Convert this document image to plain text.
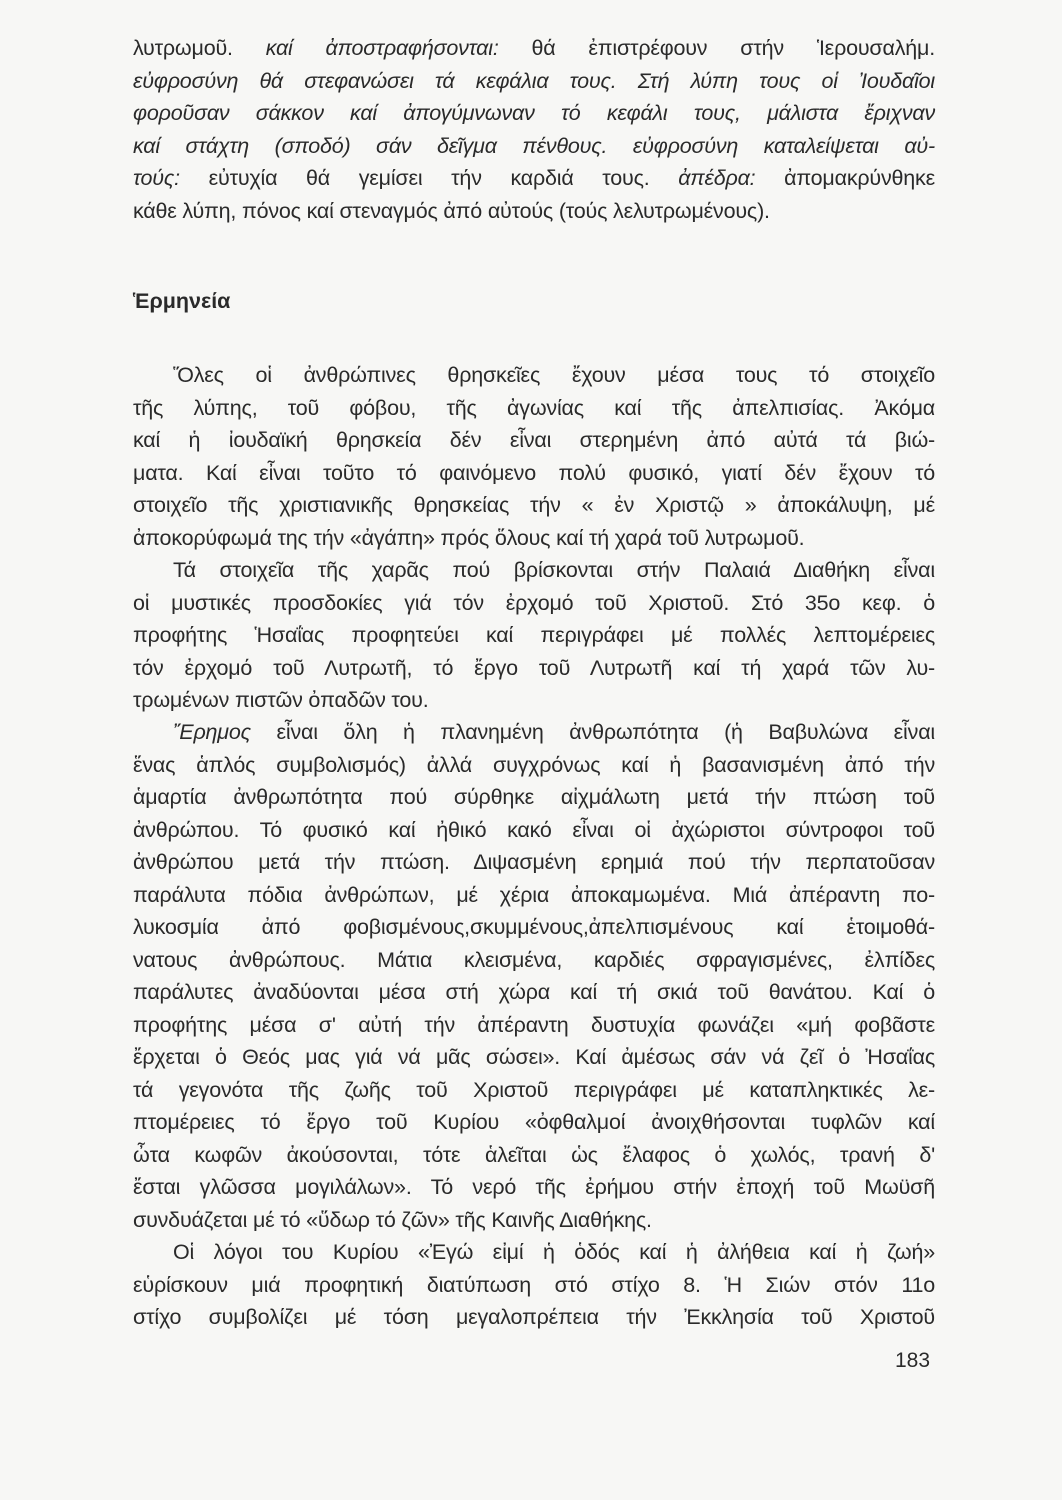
Ἑρμηνεία
183
λυτρωμοῦ. καί ἀποστραφήσονται: θά ἐπιστρέφουν στήν Ἱερουσαλήμ.
εὐφροσύνη θά στεφανώσει τά κεφάλια τους. Στή λύπη τους οἱ Ἰουδαῖοι
φοροῦσαν σάκκον καί ἀπογύμνωναν τό κεφάλι τους, μάλιστα ἔριχναν
καί στάχτη (σποδό) σάν δεῖγμα πένθους. εὐφροσύνη καταλείψεται αὐ-
τούς: εὐτυχία θά γεμίσει τήν καρδιά τους. ἀπέδρα: ἀπομακρύνθηκε
κάθε λύπη, πόνος καί στεναγμός ἀπό αὐτούς (τούς λελυτρωμένους).
Ὅλες οἱ ἀνθρώπινες θρησκεῖες ἔχουν μέσα τους τό στοιχεῖο
τῆς λύπης, τοῦ φόβου, τῆς ἀγωνίας καί τῆς ἀπελπισίας. Ἀκόμα
καί ἡ ἰουδαϊκή θρησκεία δέν εἶναι στερημένη ἀπό αὐτά τά βιώ-
ματα. Καί εἶναι τοῦτο τό φαινόμενο πολύ φυσικό, γιατί δέν ἔχουν τό
στοιχεῖο τῆς χριστιανικῆς θρησκείας τήν « ἐν Χριστῷ » ἀποκάλυψη, μέ
ἀποκορύφωμά της τήν «ἀγάπη» πρός ὅλους καί τή χαρά τοῦ λυτρωμοῦ.
Τά στοιχεῖα τῆς χαρᾶς πού βρίσκονται στήν Παλαιά Διαθήκη εἶναι
οἱ μυστικές προσδοκίες γιά τόν ἐρχομό τοῦ Χριστοῦ. Στό 35ο κεφ. ὁ
προφήτης Ἡσαΐας προφητεύει καί περιγράφει μέ πολλές λεπτομέρειες
τόν ἐρχομό τοῦ Λυτρωτῆ, τό ἔργο τοῦ Λυτρωτῆ καί τή χαρά τῶν λυ-
τρωμένων πιστῶν ὀπαδῶν του.
Ἔρημος εἶναι ὅλη ἡ πλανημένη ἀνθρωπότητα (ἡ Βαβυλώνα εἶναι
ἕνας ἁπλός συμβολισμός) ἀλλά συγχρόνως καί ἡ βασανισμένη ἀπό τήν
ἁμαρτία ἀνθρωπότητα πού σύρθηκε αἰχμάλωτη μετά τήν πτώση τοῦ
ἀνθρώπου. Τό φυσικό καί ἠθικό κακό εἶναι οἱ ἀχώριστοι σύντροφοι τοῦ
ἀνθρώπου μετά τήν πτώση. Διψασμένη ερημιά πού τήν περπατοῦσαν
παράλυτα πόδια ἀνθρώπων, μέ χέρια ἀποκαμωμένα. Μιά ἀπέραντη πο-
λυκοσμία ἀπό φοβισμένους,σκυμμένους,ἀπελπισμένους καί ἑτοιμοθά-
νατους ἀνθρώπους. Μάτια κλεισμένα, καρδιές σφραγισμένες, ἐλπίδες
παράλυτες ἀναδύονται μέσα στή χώρα καί τή σκιά τοῦ θανάτου. Καί ὁ
προφήτης μέσα σ' αὐτή τήν ἀπέραντη δυστυχία φωνάζει «μή φοβᾶστε
ἔρχεται ὁ Θεός μας γιά νά μᾶς σώσει». Καί ἀμέσως σάν νά ζεῖ ὁ Ἠσαΐας
τά γεγονότα τῆς ζωῆς τοῦ Χριστοῦ περιγράφει μέ καταπληκτικές λε-
πτομέρειες τό ἔργο τοῦ Κυρίου «ὀφθαλμοί ἀνοιχθήσονται τυφλῶν καί
ὦτα κωφῶν ἀκούσονται, τότε ἁλεῖται ὡς ἔλαφος ὁ χωλός, τρανή δ'
ἔσται γλῶσσα μογιλάλων». Τό νερό τῆς ἐρήμου στήν ἐποχή τοῦ Μωϋσῆ
συνδυάζεται μέ τό «ὕδωρ τό ζῶν» τῆς Καινῆς Διαθήκης.
Οἱ λόγοι του Κυρίου «Ἐγώ εἰμί ἡ ὁδός καί ἡ ἀλήθεια καί ἡ ζωή»
εὑρίσκουν μιά προφητική διατύπωση στό στίχο 8. Ἡ Σιών στόν 11ο
στίχο συμβολίζει μέ τόση μεγαλοπρέπεια τήν Ἐκκλησία τοῦ Χριστοῦ
